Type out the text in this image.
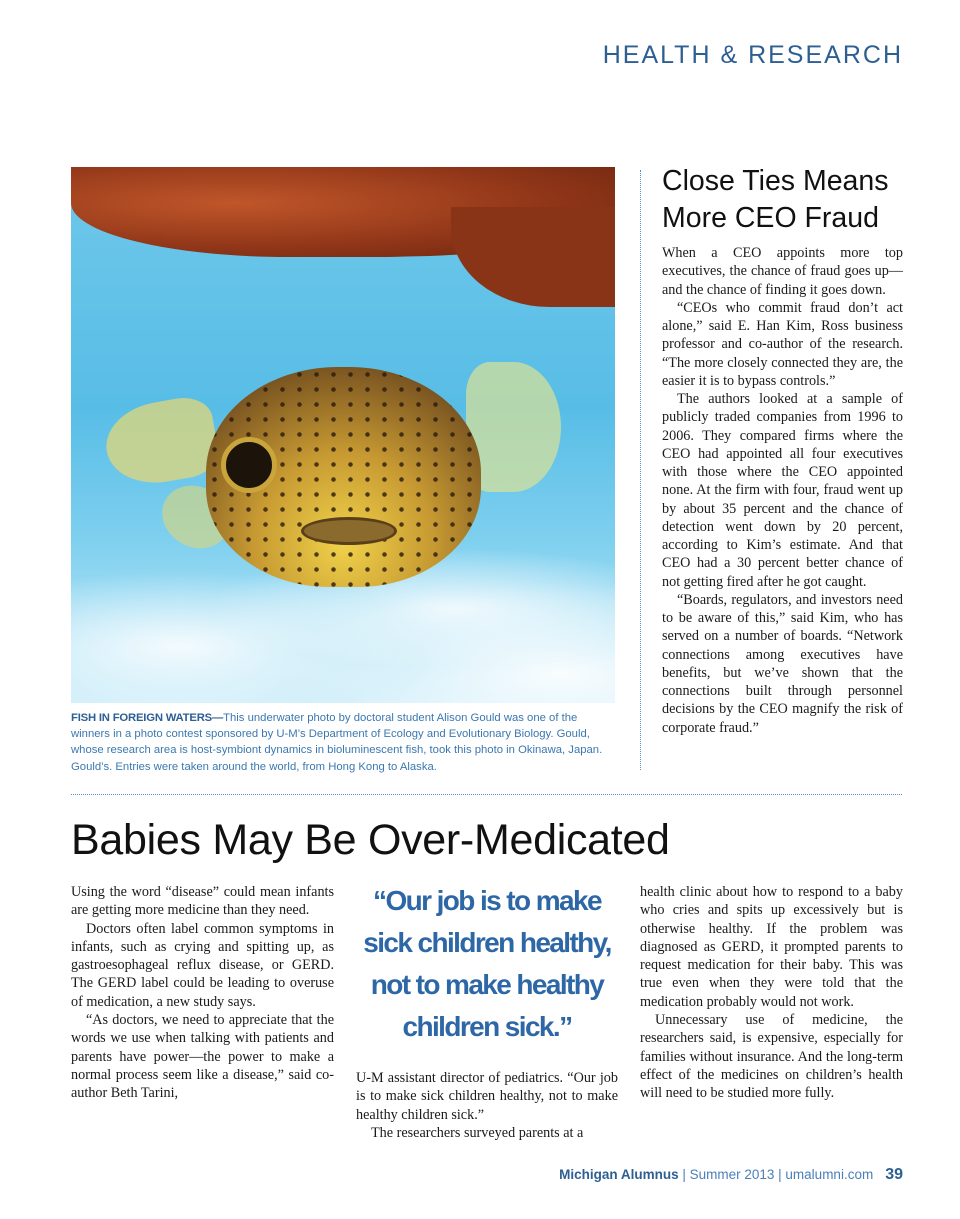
HEALTH & RESEARCH
FISH IN FOREIGN WATERS—This underwater photo by doctoral student Alison Gould was one of the winners in a photo contest sponsored by U-M’s Department of Ecology and Evolutionary Biology. Gould, whose research area is host-symbiont dynamics in bioluminescent fish, took this photo in Okinawa, Japan. Gould’s. Entries were taken around the world, from Hong Kong to Alaska.
Close Ties Means More CEO Fraud

When a CEO appoints more top executives, the chance of fraud goes up—and the chance of finding it goes down.

“CEOs who commit fraud don’t act alone,” said E. Han Kim, Ross business professor and co-author of the research. “The more closely connected they are, the easier it is to bypass controls.”

The authors looked at a sample of publicly traded companies from 1996 to 2006. They compared firms where the CEO had appointed all four executives with those where the CEO appointed none. At the firm with four, fraud went up by about 35 percent and the chance of detection went down by 20 percent, according to Kim’s estimate. And that CEO had a 30 percent better chance of not getting fired after he got caught.

“Boards, regulators, and investors need to be aware of this,” said Kim, who has served on a number of boards. “Network connections among executives have benefits, but we’ve shown that the connections built through personnel decisions by the CEO magnify the risk of corporate fraud.”

Babies May Be Over-Medicated

Using the word “disease” could mean infants are getting more medicine than they need.

Doctors often label common symptoms in infants, such as crying and spitting up, as gastroesophageal reflux disease, or GERD. The GERD label could be leading to overuse of medication, a new study says.

“As doctors, we need to appreciate that the words we use when talking with patients and parents have power—the power to make a normal process seem like a disease,” said co-author Beth Tarini,

“Our job is to make sick children healthy, not to make healthy children sick.”

U-M assistant director of pediatrics. “Our job is to make sick children healthy, not to make healthy children sick.”

The researchers surveyed parents at a

health clinic about how to respond to a baby who cries and spits up excessively but is otherwise healthy. If the problem was diagnosed as GERD, it prompted parents to request medication for their baby. This was true even when they were told that the medication probably would not work.

Unnecessary use of medicine, the researchers said, is expensive, especially for families without insurance. And the long-term effect of the medicines on children’s health will need to be studied more fully.

Michigan Alumnus | Summer 2013 | umalumni.com 39
